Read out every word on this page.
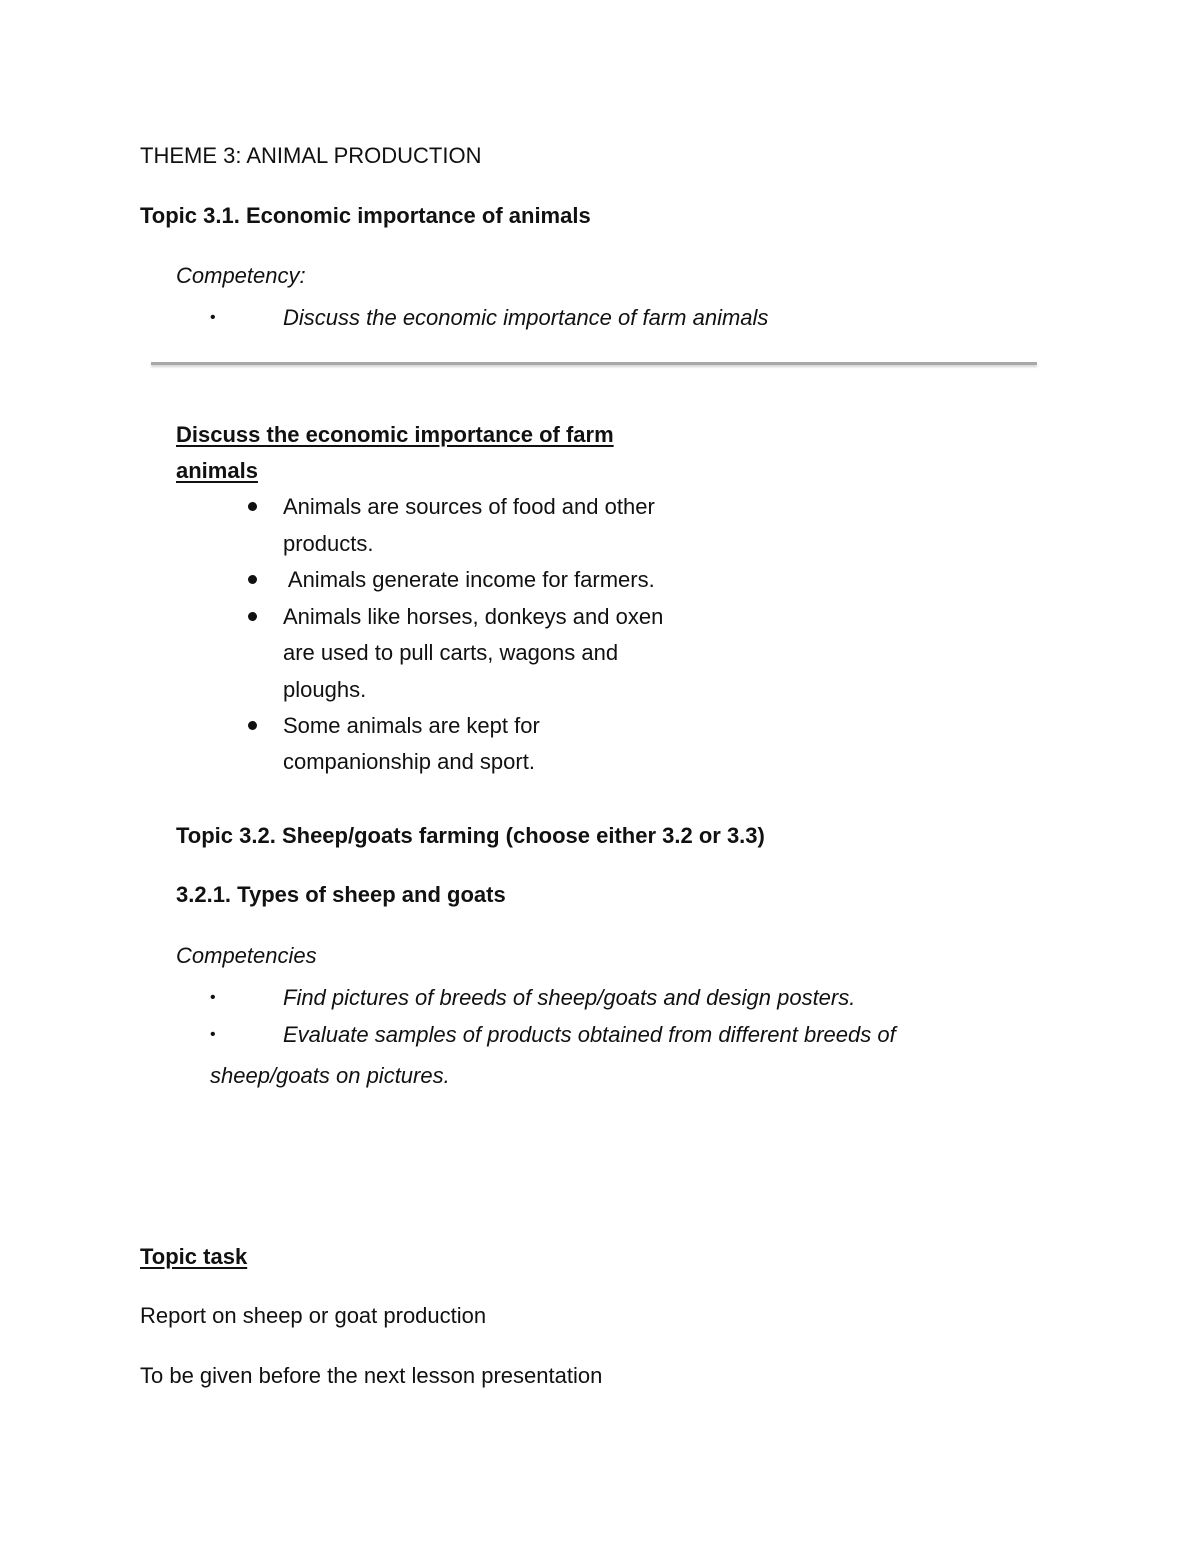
THEME 3: ANIMAL PRODUCTION
Topic 3.1. Economic importance of animals
Competency:
•	Discuss the economic importance of farm animals
Discuss the economic importance of farm
animals
Animals are sources of food and other
products.
Animals generate income for farmers.
Animals like horses, donkeys and oxen
are used to pull carts, wagons and
ploughs.
Some animals are kept for
companionship and sport.
Topic 3.2. Sheep/goats farming (choose either 3.2 or 3.3)
3.2.1. Types of sheep and goats
Competencies
•	Find pictures of breeds of sheep/goats and design posters.
•	Evaluate samples of products obtained from different breeds of
sheep/goats on pictures.
Topic task
Report on sheep or goat production
To be given before the next lesson presentation
